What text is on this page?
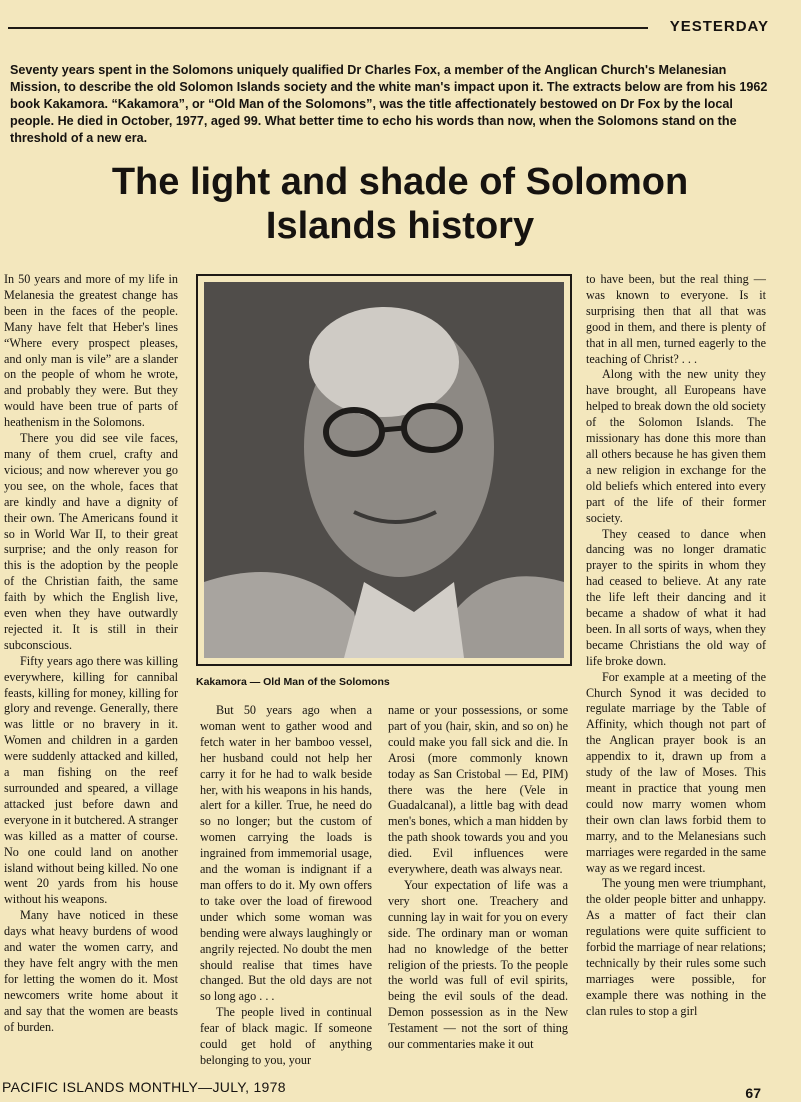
YESTERDAY
Seventy years spent in the Solomons uniquely qualified Dr Charles Fox, a member of the Anglican Church's Melanesian Mission, to describe the old Solomon Islands society and the white man's impact upon it. The extracts below are from his 1962 book Kakamora. “Kakamora”, or “Old Man of the Solomons”, was the title affectionately bestowed on Dr Fox by the local people. He died in October, 1977, aged 99. What better time to echo his words than now, when the Solomons stand on the threshold of a new era.
The light and shade of Solomon
Islands history

In 50 years and more of my life in Melanesia the greatest change has been in the faces of the people. Many have felt that Heber's lines “Where every prospect pleases, and only man is vile” are a slander on the people of whom he wrote, and probably they were. But they would have been true of parts of heathenism in the Solomons.

There you did see vile faces, many of them cruel, crafty and vicious; and now wherever you go you see, on the whole, faces that are kindly and have a dignity of their own. The Americans found it so in World War II, to their great surprise; and the only reason for this is the adoption by the people of the Christian faith, the same faith by which the English live, even when they have outwardly rejected it. It is still in their subconscious.

Fifty years ago there was killing everywhere, killing for cannibal feasts, killing for money, killing for glory and revenge. Generally, there was little or no bravery in it. Women and children in a garden were suddenly attacked and killed, a man fishing on the reef surrounded and speared, a village attacked just before dawn and everyone in it butchered. A stranger was killed as a matter of course. No one could land on another island without being killed. No one went 20 yards from his house without his weapons.

Many have noticed in these days what heavy burdens of wood and water the women carry, and they have felt angry with the men for letting the women do it. Most newcomers write home about it and say that the women are beasts of burden.

Kakamora — Old Man of the Solomons

But 50 years ago when a woman went to gather wood and fetch water in her bamboo vessel, her husband could not help her carry it for he had to walk beside her, with his weapons in his hands, alert for a killer. True, he need do so no longer; but the custom of women carrying the loads is ingrained from immemorial usage, and the woman is indignant if a man offers to do it. My own offers to take over the load of firewood under which some woman was bending were always laughingly or angrily rejected. No doubt the men should realise that times have changed. But the old days are not so long ago . . .

The people lived in continual fear of black magic. If someone could get hold of anything belonging to you, your

name or your possessions, or some part of you (hair, skin, and so on) he could make you fall sick and die. In Arosi (more commonly known today as San Cristobal — Ed, PIM) there was the here (Vele in Guadalcanal), a little bag with dead men's bones, which a man hidden by the path shook towards you and you died. Evil influences were everywhere, death was always near.

Your expectation of life was a very short one. Treachery and cunning lay in wait for you on every side. The ordinary man or woman had no knowledge of the better religion of the priests. To the people the world was full of evil spirits, being the evil souls of the dead. Demon possession as in the New Testament — not the sort of thing our commentaries make it out

to have been, but the real thing — was known to everyone. Is it surprising then that all that was good in them, and there is plenty of that in all men, turned eagerly to the teaching of Christ? . . .

Along with the new unity they have brought, all Europeans have helped to break down the old society of the Solomon Islands. The missionary has done this more than all others because he has given them a new religion in exchange for the old beliefs which entered into every part of the life of their former society.

They ceased to dance when dancing was no longer dramatic prayer to the spirits in whom they had ceased to believe. At any rate the life left their dancing and it became a shadow of what it had been. In all sorts of ways, when they became Christians the old way of life broke down.

For example at a meeting of the Church Synod it was decided to regulate marriage by the Table of Affinity, which though not part of the Anglican prayer book is an appendix to it, drawn up from a study of the law of Moses. This meant in practice that young men could now marry women whom their own clan laws forbid them to marry, and to the Melanesians such marriages were regarded in the same way as we regard incest.

The young men were triumphant, the older people bitter and unhappy. As a matter of fact their clan regulations were quite sufficient to forbid the marriage of near relations; technically by their rules some such marriages were possible, for example there was nothing in the clan rules to stop a girl

PACIFIC ISLANDS MONTHLY—JULY, 1978	67
